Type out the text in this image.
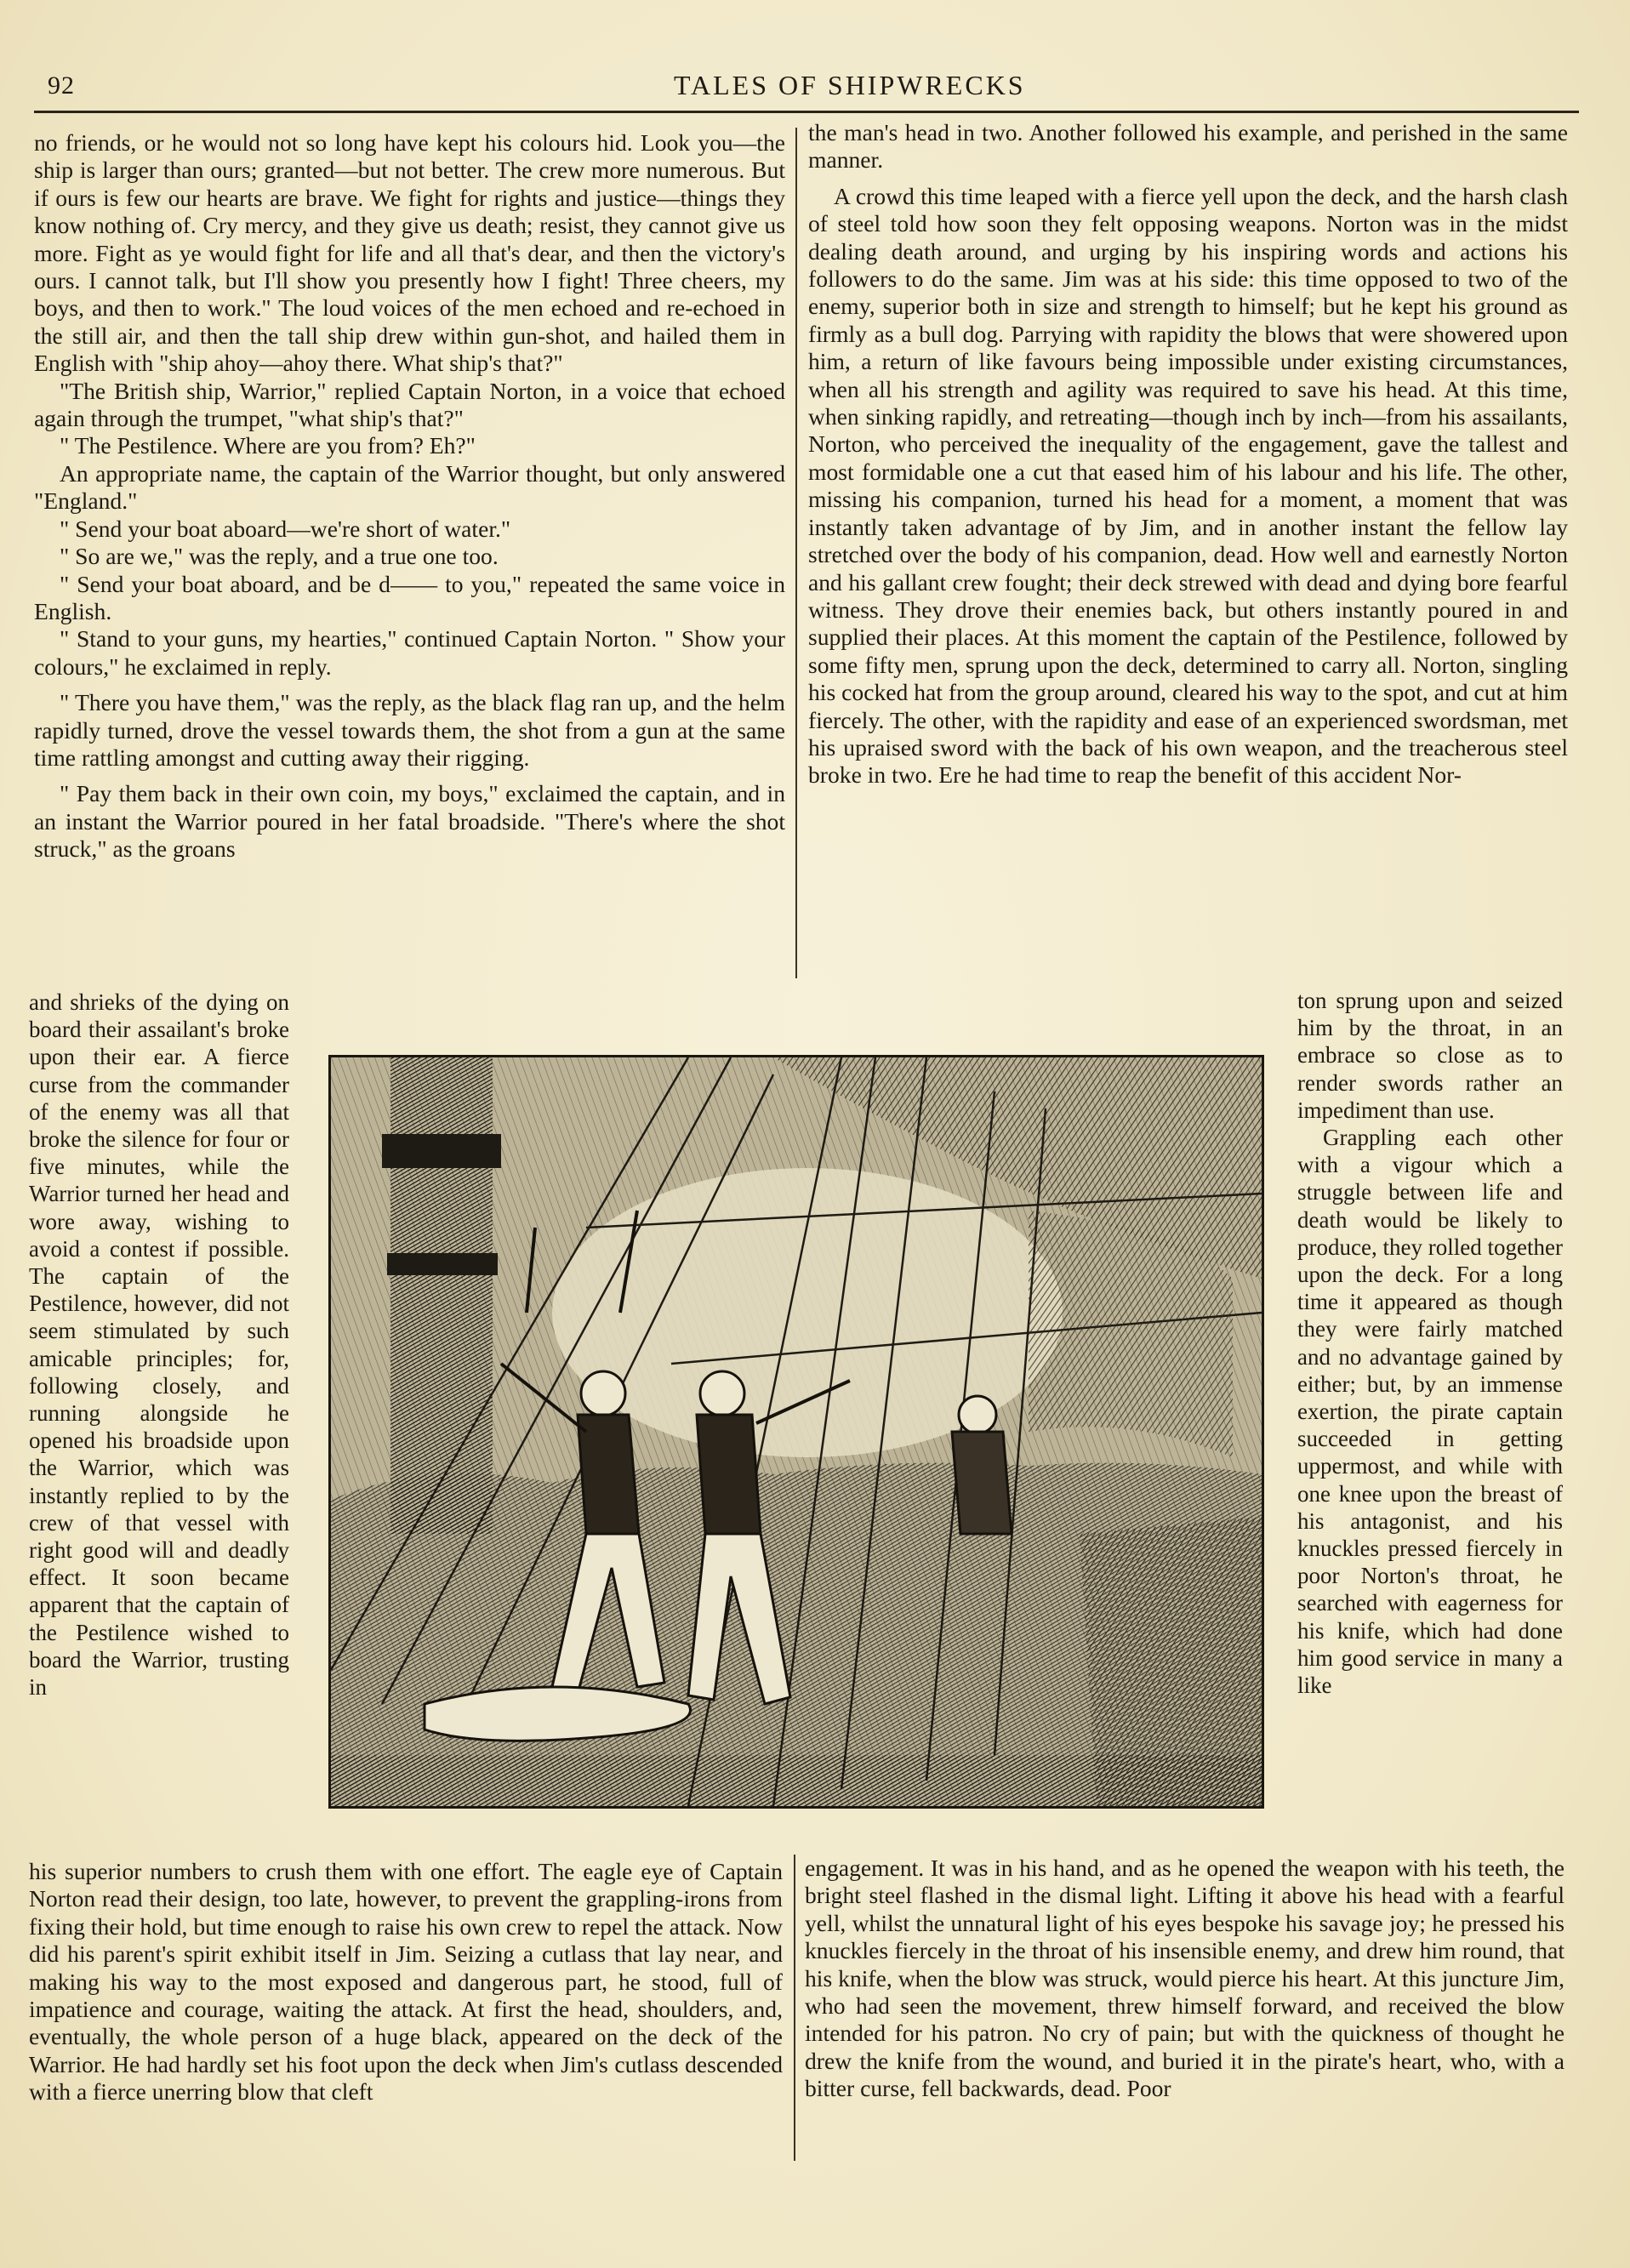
92	TALES OF SHIPWRECKS

no friends, or he would not so long have kept his colours hid. Look you—the ship is larger than ours; granted—but not better. The crew more numerous. But if ours is few our hearts are brave. We fight for rights and justice—things they know nothing of. Cry mercy, and they give us death; resist, they cannot give us more. Fight as ye would fight for life and all that's dear, and then the victory's ours. I cannot talk, but I'll show you presently how I fight! Three cheers, my boys, and then to work." The loud voices of the men echoed and re-echoed in the still air, and then the tall ship drew within gun-shot, and hailed them in English with "ship ahoy—ahoy there. What ship's that?"

"The British ship, Warrior," replied Captain Norton, in a voice that echoed again through the trumpet, "what ship's that?"

" The Pestilence. Where are you from? Eh?"

An appropriate name, the captain of the Warrior thought, but only answered "England."

" Send your boat aboard—we're short of water."

" So are we," was the reply, and a true one too.

" Send your boat aboard, and be d—— to you," repeated the same voice in English.

" Stand to your guns, my hearties," continued Captain Norton. " Show your colours," he exclaimed in reply.

" There you have them," was the reply, as the black flag ran up, and the helm rapidly turned, drove the vessel towards them, the shot from a gun at the same time rattling amongst and cutting away their rigging.

" Pay them back in their own coin, my boys," exclaimed the captain, and in an instant the Warrior poured in her fatal broadside. "There's where the shot struck," as the groans

the man's head in two. Another followed his example, and perished in the same manner.

A crowd this time leaped with a fierce yell upon the deck, and the harsh clash of steel told how soon they felt opposing weapons. Norton was in the midst dealing death around, and urging by his inspiring words and actions his followers to do the same. Jim was at his side: this time opposed to two of the enemy, superior both in size and strength to himself; but he kept his ground as firmly as a bull dog. Parrying with rapidity the blows that were showered upon him, a return of like favours being impossible under existing circumstances, when all his strength and agility was required to save his head. At this time, when sinking rapidly, and retreating—though inch by inch—from his assailants, Norton, who perceived the inequality of the engagement, gave the tallest and most formidable one a cut that eased him of his labour and his life. The other, missing his companion, turned his head for a moment, a moment that was instantly taken advantage of by Jim, and in another instant the fellow lay stretched over the body of his companion, dead. How well and earnestly Norton and his gallant crew fought; their deck strewed with dead and dying bore fearful witness. They drove their enemies back, but others instantly poured in and supplied their places. At this moment the captain of the Pestilence, followed by some fifty men, sprung upon the deck, determined to carry all. Norton, singling his cocked hat from the group around, cleared his way to the spot, and cut at him fiercely. The other, with the rapidity and ease of an experienced swordsman, met his upraised sword with the back of his own weapon, and the treacherous steel broke in two. Ere he had time to reap the benefit of this accident Nor-

and shrieks of the dying on board their assailant's broke upon their ear. A fierce curse from the commander of the enemy was all that broke the silence for four or five minutes, while the Warrior turned her head and wore away, wishing to avoid a contest if possible. The captain of the Pestilence, however, did not seem stimulated by such amicable principles; for, following closely, and running alongside he opened his broadside upon the Warrior, which was instantly replied to by the crew of that vessel with right good will and deadly effect. It soon became apparent that the captain of the Pestilence wished to board the Warrior, trusting in

ton sprung upon and seized him by the throat, in an embrace so close as to render swords rather an impediment than use.

Grappling each other with a vigour which a struggle between life and death would be likely to produce, they rolled together upon the deck. For a long time it appeared as though they were fairly matched and no advantage gained by either; but, by an immense exertion, the pirate captain succeeded in getting uppermost, and while with one knee upon the breast of his antagonist, and his knuckles pressed fiercely in poor Norton's throat, he searched with eagerness for his knife, which had done him good service in many a like

his superior numbers to crush them with one effort. The eagle eye of Captain Norton read their design, too late, however, to prevent the grappling-irons from fixing their hold, but time enough to raise his own crew to repel the attack. Now did his parent's spirit exhibit itself in Jim. Seizing a cutlass that lay near, and making his way to the most exposed and dangerous part, he stood, full of impatience and courage, waiting the attack. At first the head, shoulders, and, eventually, the whole person of a huge black, appeared on the deck of the Warrior. He had hardly set his foot upon the deck when Jim's cutlass descended with a fierce unerring blow that cleft

engagement. It was in his hand, and as he opened the weapon with his teeth, the bright steel flashed in the dismal light. Lifting it above his head with a fearful yell, whilst the unnatural light of his eyes bespoke his savage joy; he pressed his knuckles fiercely in the throat of his insensible enemy, and drew him round, that his knife, when the blow was struck, would pierce his heart. At this juncture Jim, who had seen the movement, threw himself forward, and received the blow intended for his patron. No cry of pain; but with the quickness of thought he drew the knife from the wound, and buried it in the pirate's heart, who, with a bitter curse, fell backwards, dead. Poor
